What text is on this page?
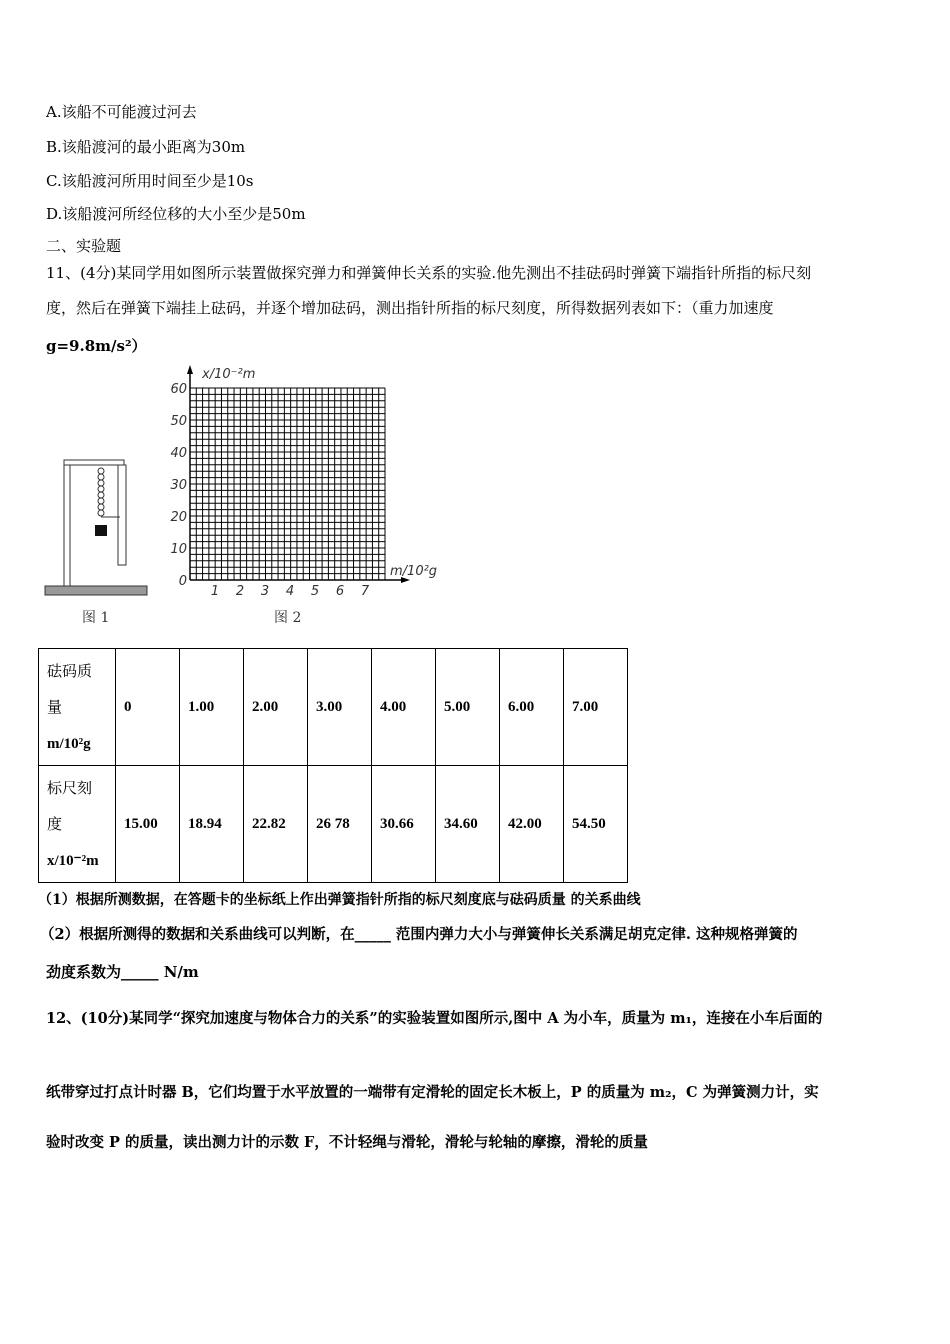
A.该船不可能渡过河去
B.该船渡河的最小距离为30m
C.该船渡河所用时间至少是10s
D.该船渡河所经位移的大小至少是50m
二、实验题
11、(4分)某同学用如图所示装置做探究弹力和弹簧伸长关系的实验.他先测出不挂砝码时弹簧下端指针所指的标尺刻
度，然后在弹簧下端挂上砝码，并逐个增加砝码，测出指针所指的标尺刻度，所得数据列表如下：（重力加速度
g=9.8m/s²）
图 1
0
10
20
30
40
50
60
1 2 3 4 5 6 7
x/10⁻²m
m/10²g
图 2
砝码质
量
m/10²g	0	1.00	2.00	3.00	4.00	5.00	6.00	7.00
标尺刻
度
x/10⁻²m	15.00	18.94	22.82	26 78	30.66	34.60	42.00	54.50
（1）根据所测数据，在答题卡的坐标纸上作出弹簧指针所指的标尺刻度底与砝码质量 的关系曲线
（2）根据所测得的数据和关系曲线可以判断，在_____ 范围内弹力大小与弹簧伸长关系满足胡克定律. 这种规格弹簧的
劲度系数为_____ N/m
12、(10分)某同学“探究加速度与物体合力的关系”的实验装置如图所示,图中 A 为小车，质量为 m₁，连接在小车后面的
纸带穿过打点计时器 B，它们均置于水平放置的一端带有定滑轮的固定长木板上，P 的质量为 m₂，C 为弹簧测力计，实
验时改变 P 的质量，读出测力计的示数 F，不计轻绳与滑轮，滑轮与轮轴的摩擦，滑轮的质量
